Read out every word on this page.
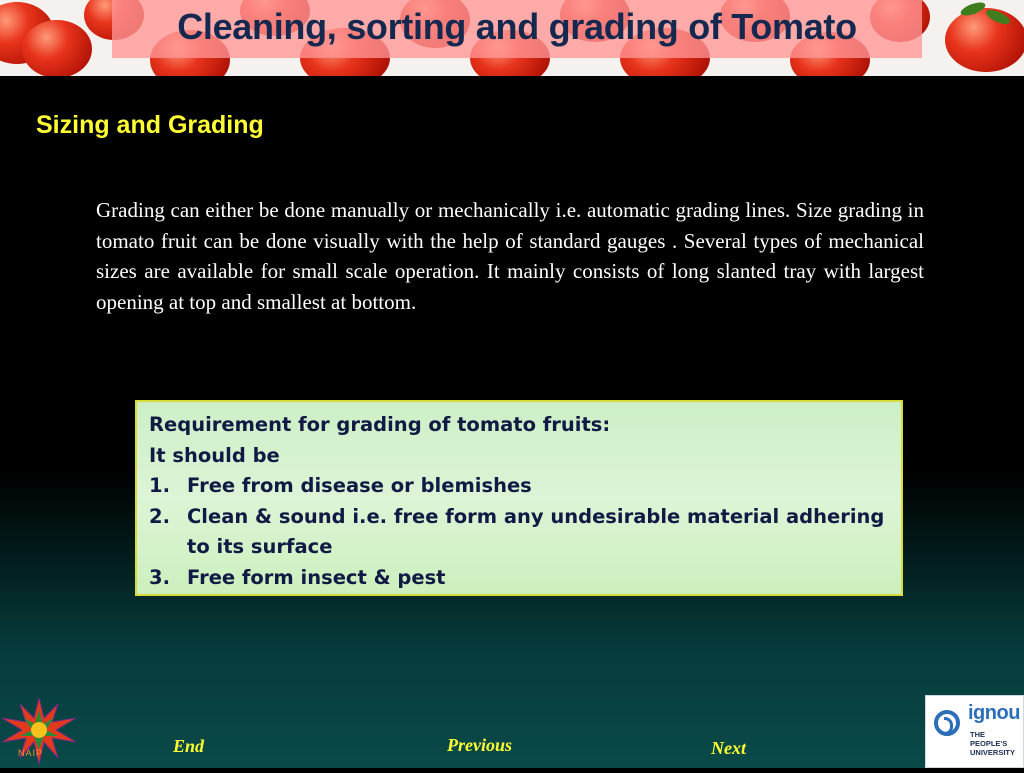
Cleaning, sorting and grading of Tomato
Sizing and Grading
Grading can either be done manually or mechanically i.e. automatic grading lines. Size grading in tomato fruit can be done visually with the help of standard gauges . Several types of mechanical sizes are available for small scale operation. It mainly consists of long slanted tray with largest opening at top and smallest at bottom.
Requirement for grading of tomato fruits:
It should be
1. Free from disease or blemishes
2. Clean & sound i.e. free form any undesirable material adhering to its surface
3. Free form insect & pest
NAIP	End	Previous	Next
ignou
THE PEOPLE'S
UNIVERSITY
